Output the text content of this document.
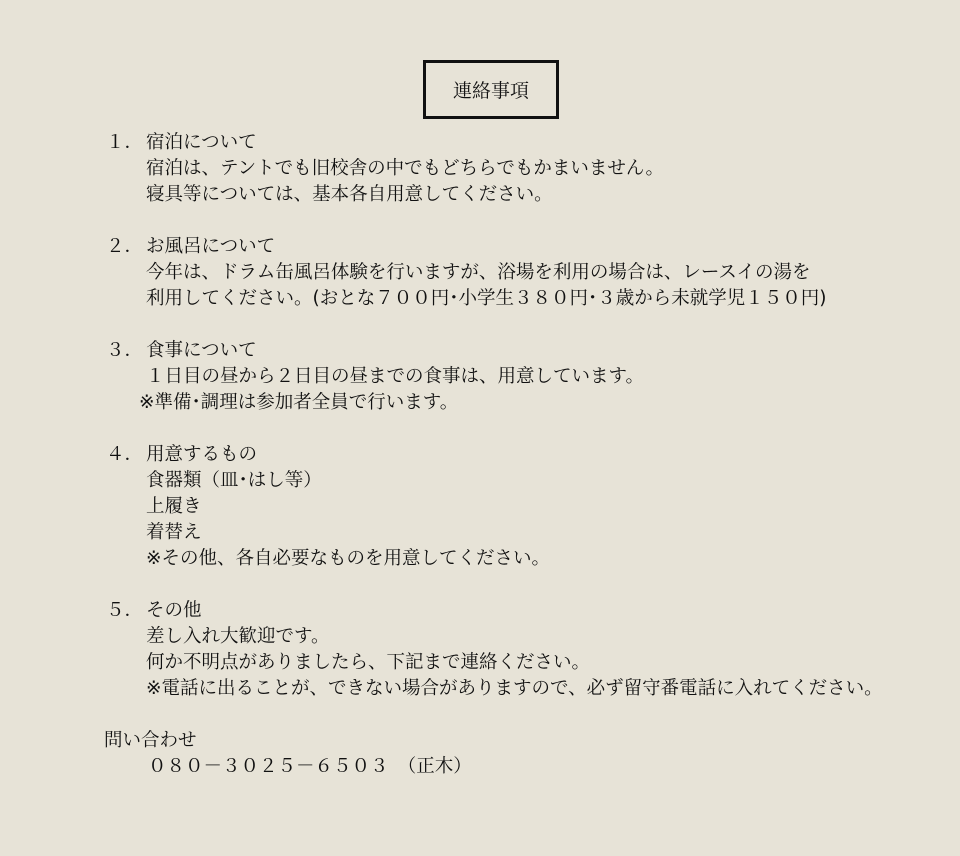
連絡事項
１． 宿泊について
宿泊は、テントでも旧校舎の中でもどちらでもかまいません。
寝具等については、基本各自用意してください。
２． お風呂について
今年は、ドラム缶風呂体験を行いますが、浴場を利用の場合は、レースイの湯を
利用してください。(おとな７００円･小学生３８０円･３歳から未就学児１５０円)
３． 食事について
１日目の昼から２日目の昼までの食事は、用意しています。
※準備･調理は参加者全員で行います。
４． 用意するもの
食器類（皿･はし等）
上履き
着替え
※その他、各自必要なものを用意してください。
５． その他
差し入れ大歓迎です。
何か不明点がありましたら、下記まで連絡ください。
※電話に出ることが、できない場合がありますので、必ず留守番電話に入れてください。
問い合わせ
０８０－３０２５－６５０３　（正木）
